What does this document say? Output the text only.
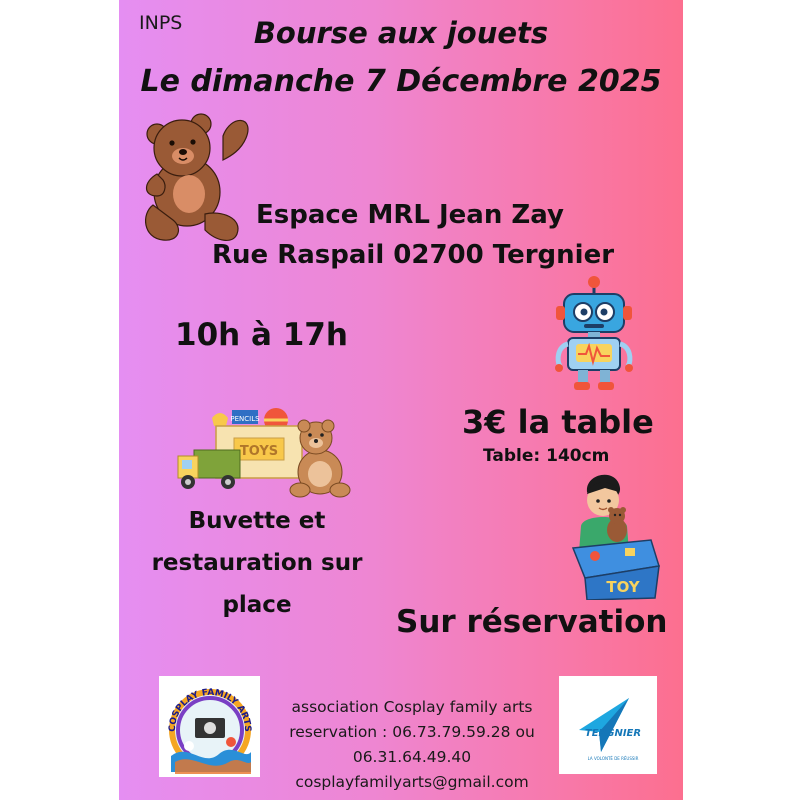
INPS	Bourse aux jouets
Le dimanche 7 Décembre 2025
Espace MRL Jean Zay
Rue Raspail 02700 Tergnier
10h à 17h
PENCILS
TOYS
3€ la table
Table: 140cm
TOY
Buvette et
restauration sur
place	Sur réservation
COSPLAY FAMILY ARTS
association Cosplay family arts
reservation : 06.73.79.59.28 ou
06.31.64.49.40
cosplayfamilyarts@gmail.com
TERGNIER
LA VOLONTÉ DE RÉUSSIR
